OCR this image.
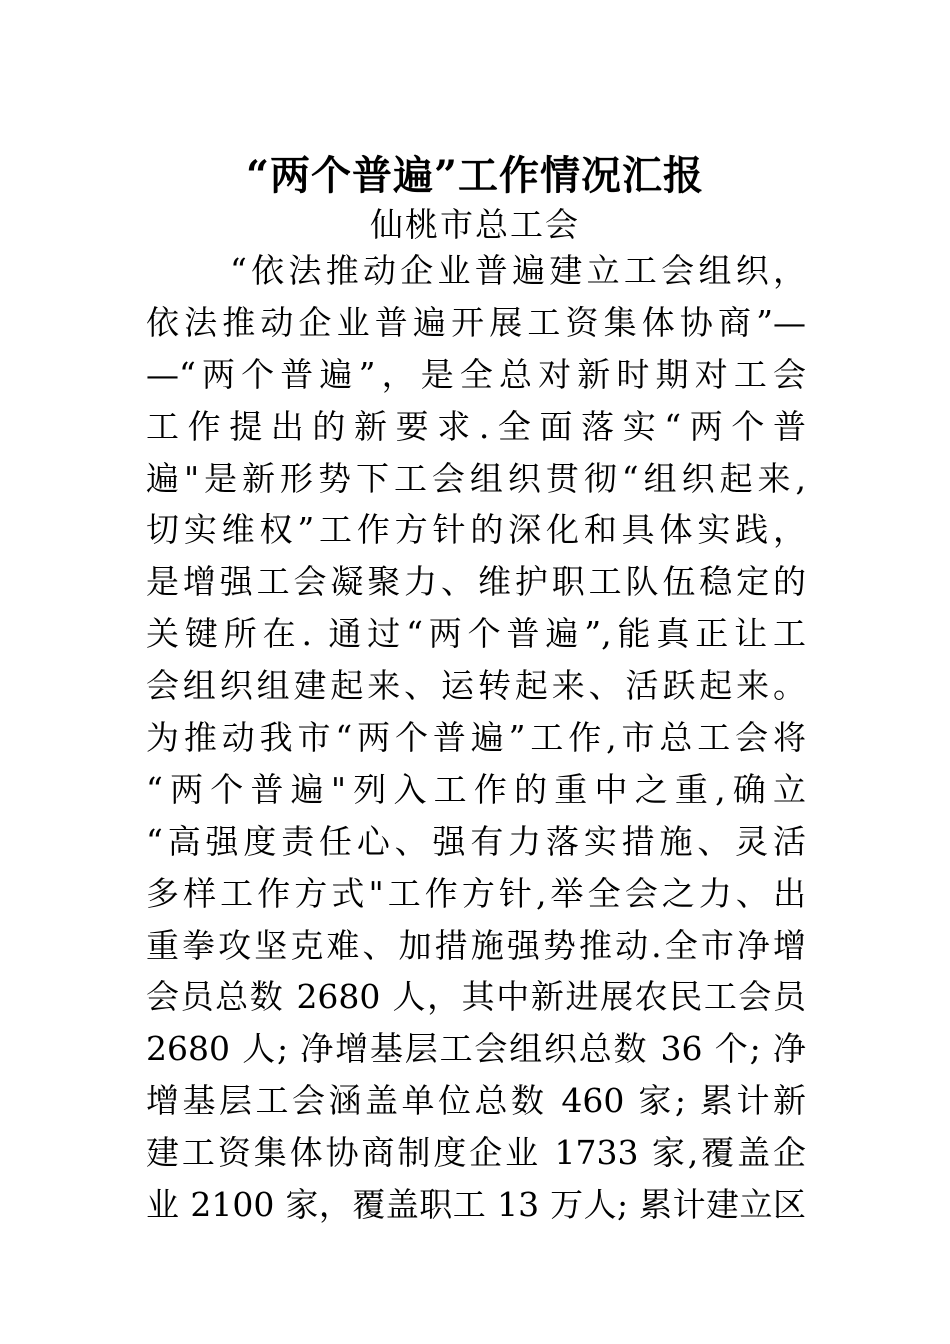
“两个普遍”工作情况汇报
仙桃市总工会
“依法推动企业普遍建立工会组织，
依法推动企业普遍开展工资集体协商”—
—“两个普遍”，是全总对新时期对工会
工作提出的新要求.全面落实“两个普
遍"是新形势下工会组织贯彻“组织起来,
切实维权”工作方针的深化和具体实践，
是增强工会凝聚力、维护职工队伍稳定的
关键所在. 通过“两个普遍”,能真正让工
会组织组建起来、运转起来、活跃起来。
为推动我市“两个普遍”工作,市总工会将
“两个普遍"列入工作的重中之重,确立
“高强度责任心、强有力落实措施、灵活
多样工作方式"工作方针,举全会之力、出
重拳攻坚克难、加措施强势推动.全市净增
会员总数 2680 人，其中新进展农民工会员
2680 人; 净增基层工会组织总数 36 个; 净
增基层工会涵盖单位总数 460 家; 累计新
建工资集体协商制度企业 1733 家,覆盖企
业 2100 家，覆盖职工 13 万人; 累计建立区
